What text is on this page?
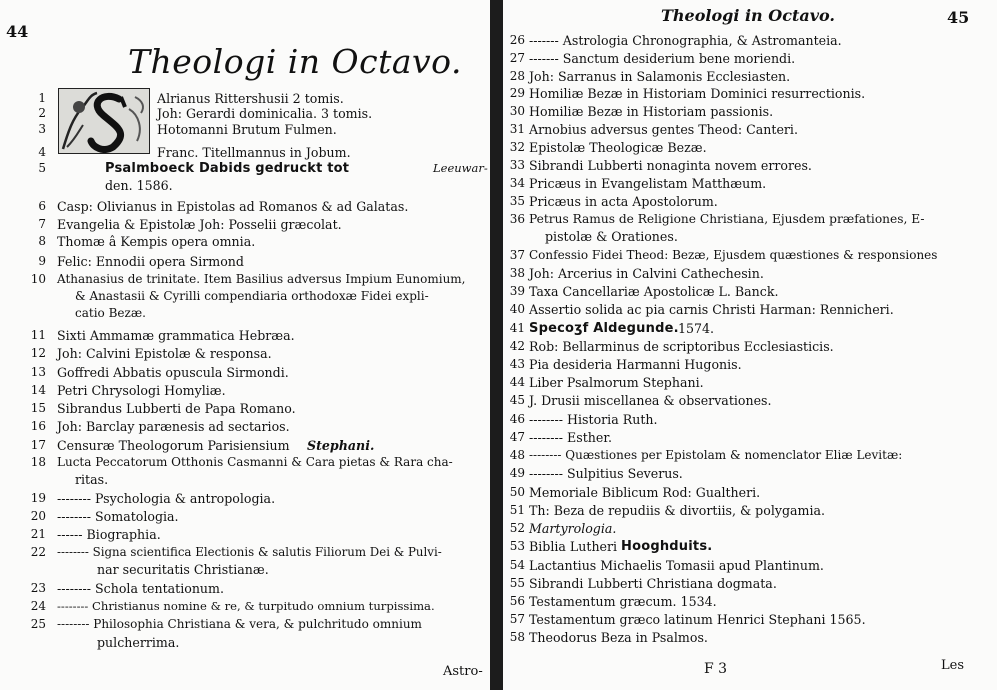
44
Theologi in Octavo.
1	Alrianus Rittershusii 2 tomis.
2	Joh: Gerardi dominicalia. 3 tomis.
3	Hotomanni Brutum Fulmen.
4	Franc. Titellmannus in Jobum.
5	Psalmboeck Dabids gedruckt tot	Leeuwar-
den. 1586.
6 Casp: Olivianus in Epistolas ad Romanos & ad Galatas.
7 Evangelia & Epistolæ Joh: Posselii græcolat.
8 Thomæ â Kempis opera omnia.
9 Felic: Ennodii opera Sirmond
10 Athanasius de trinitate. Item Basilius adversus Impium Eunomium,
& Anastasii & Cyrilli compendiaria orthodoxæ Fidei expli-
catio Bezæ.
11 Sixti Ammamæ grammatica Hebræa.
12 Joh: Calvini Epistolæ & responsa.
13 Goffredi Abbatis opuscula Sirmondi.
14 Petri Chrysologi Homyliæ.
15 Sibrandus Lubberti de Papa Romano.
16 Joh: Barclay parænesis ad sectarios.
17 Censuræ Theologorum Parisiensium Stephani.
18 Lucta Peccatorum Otthonis Casmanni & Cara pietas & Rara cha-
ritas.
19 -------- Psychologia & antropologia.
20 -------- Somatologia.
21 ------ Biographia.
22 -------- Signa scientifica Electionis & salutis Filiorum Dei & Pulvi-
nar securitatis Christianæ.
23 -------- Schola tentationum.
24 -------- Christianus nomine & re, & turpitudo omnium turpissima.
25 -------- Philosophia Christiana & vera, & pulchritudo omnium
pulcherrima.
Astro-
Theologi in Octavo.	45
26 ------- Astrologia Chronographia, & Astromanteia.
27 ------- Sanctum desiderium bene moriendi.
28 Joh: Sarranus in Salamonis Ecclesiasten.
29 Homiliæ Bezæ in Historiam Dominici resurrectionis.
30 Homiliæ Bezæ in Historiam passionis.
31 Arnobius adversus gentes Theod: Canteri.
32 Epistolæ Theologicæ Bezæ.
33 Sibrandi Lubberti nonaginta novem errores.
34 Pricæus in Evangelistam Matthæum.
35 Pricæus in acta Apostolorum.
36 Petrus Ramus de Religione Christiana, Ejusdem præfationes, E-
pistolæ & Orationes.
37 Confessio Fidei Theod: Bezæ, Ejusdem quæstiones & responsiones
38 Joh: Arcerius in Calvini Cathechesin.
39 Taxa Cancellariæ Apostolicæ L. Banck.
40 Assertio solida ac pia carnis Christi Harman: Rennicheri.
41 Specoʒf Aldegunde. 1574.
42 Rob: Bellarminus de scriptoribus Ecclesiasticis.
43 Pia desideria Harmanni Hugonis.
44 Liber Psalmorum Stephani.
45 J. Drusii miscellanea & observationes.
46 -------- Historia Ruth.
47 -------- Esther.
48 -------- Quæstiones per Epistolam & nomenclator Eliæ Levitæ:
49 -------- Sulpitius Severus.
50 Memoriale Biblicum Rod: Gualtheri.
51 Th: Beza de repudiis & divortiis, & polygamia.
52 Martyrologia.
53 Biblia Lutheri Hooghduits.
54 Lactantius Michaelis Tomasii apud Plantinum.
55 Sibrandi Lubberti Christiana dogmata.
56 Testamentum græcum. 1534.
57 Testamentum græco latinum Henrici Stephani 1565.
58 Theodorus Beza in Psalmos.
F 3	Les
